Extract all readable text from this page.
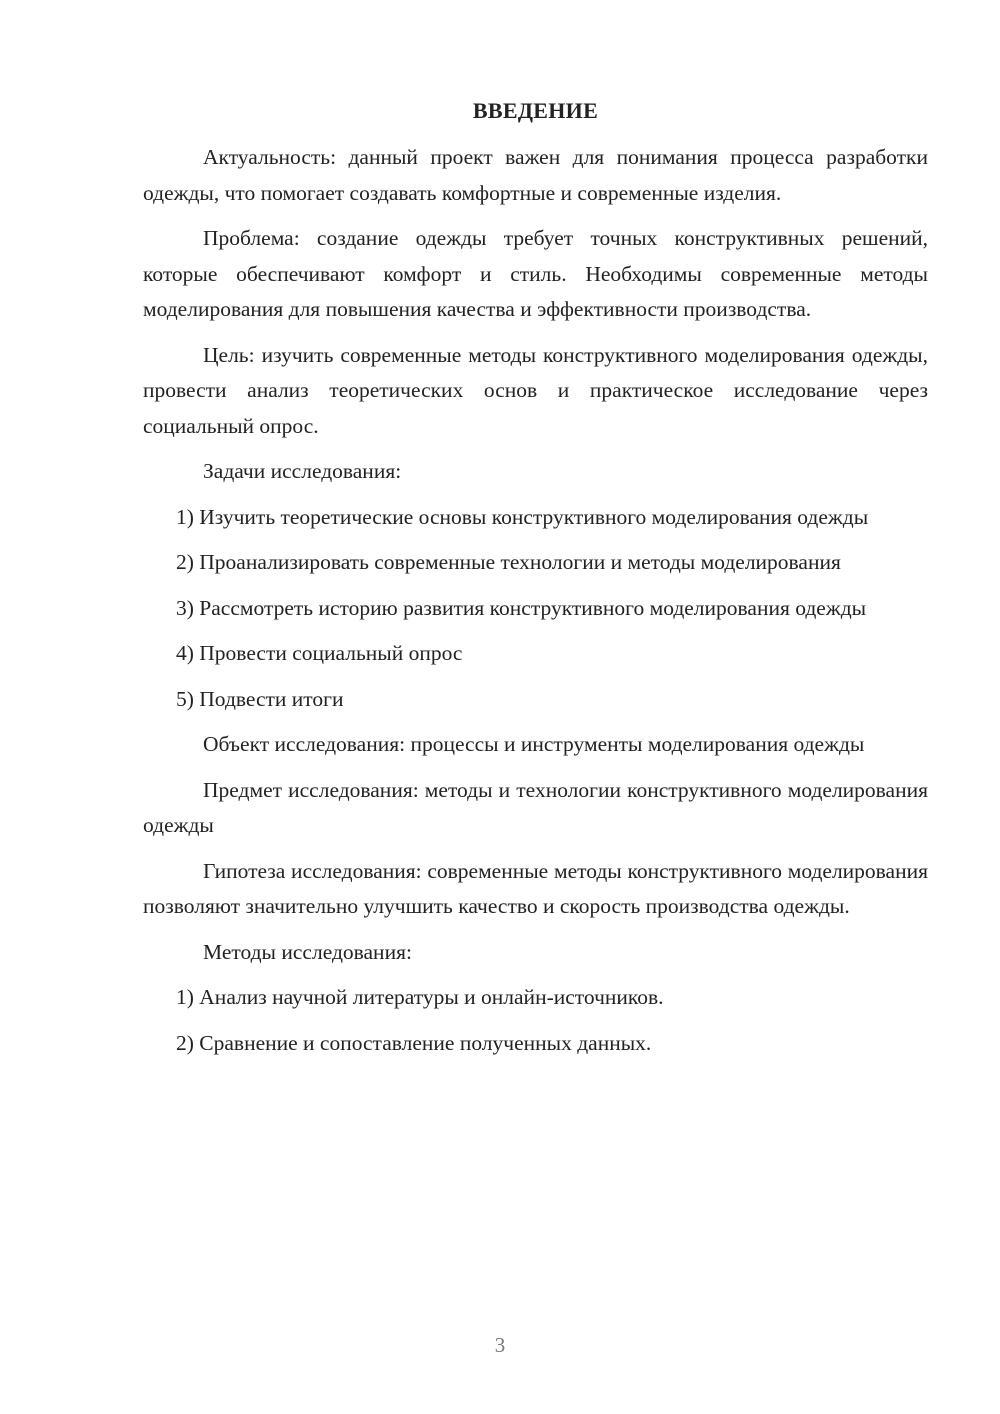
ВВЕДЕНИЕ

Актуальность: данный проект важен для понимания процесса разработки одежды, что помогает создавать комфортные и современные изделия.

Проблема: создание одежды требует точных конструктивных решений, которые обеспечивают комфорт и стиль. Необходимы современные методы моделирования для повышения качества и эффективности производства.

Цель: изучить современные методы конструктивного моделирования одежды, провести анализ теоретических основ и практическое исследование через социальный опрос.

Задачи исследования:

1) Изучить теоретические основы конструктивного моделирования одежды

2) Проанализировать современные технологии и методы моделирования

3) Рассмотреть историю развития конструктивного моделирования одежды

4) Провести социальный опрос

5) Подвести итоги

Объект исследования: процессы и инструменты моделирования одежды

Предмет исследования: методы и технологии конструктивного моделирования одежды

Гипотеза исследования: современные методы конструктивного моделирования позволяют значительно улучшить качество и скорость производства одежды.

Методы исследования:

1) Анализ научной литературы и онлайн-источников.

2) Сравнение и сопоставление полученных данных.

3
